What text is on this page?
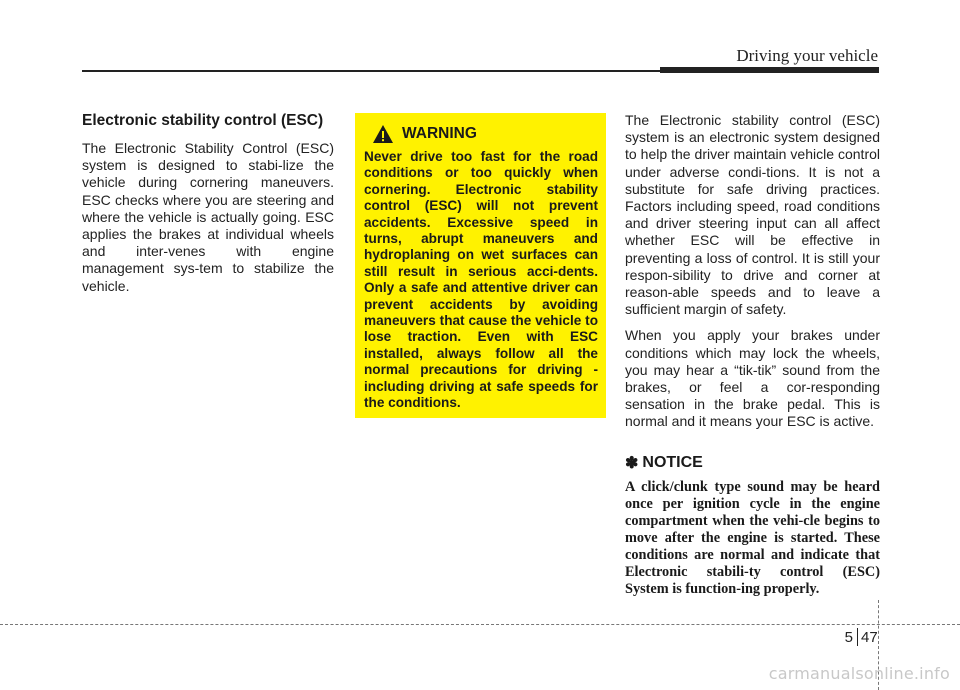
Driving your vehicle
Electronic stability control (ESC)
The Electronic Stability Control (ESC) system is designed to stabi-lize the vehicle during cornering maneuvers. ESC checks where you are steering and where the vehicle is actually going. ESC applies the brakes at individual wheels and inter-venes with engine management sys-tem to stabilize the vehicle.
WARNING
Never drive too fast for the road conditions or too quickly when cornering. Electronic stability control (ESC) will not prevent accidents. Excessive speed in turns, abrupt maneuvers and hydroplaning on wet surfaces can still result in serious acci-dents. Only a safe and attentive driver can prevent accidents by avoiding maneuvers that cause the vehicle to lose traction. Even with ESC installed, always follow all the normal precautions for driving - including driving at safe speeds for the conditions.
The Electronic stability control (ESC) system is an electronic system designed to help the driver maintain vehicle control under adverse condi-tions. It is not a substitute for safe driving practices. Factors including speed, road conditions and driver steering input can all affect whether ESC will be effective in preventing a loss of control. It is still your respon-sibility to drive and corner at reason-able speeds and to leave a sufficient margin of safety.
When you apply your brakes under conditions which may lock the wheels, you may hear a “tik-tik” sound from the brakes, or feel a cor-responding sensation in the brake pedal. This is normal and it means your ESC is active.
✽ NOTICE
A click/clunk type sound may be heard once per ignition cycle in the engine compartment when the vehi-cle begins to move after the engine is started. These conditions are normal and indicate that Electronic stabili-ty control (ESC) System is function-ing properly.
5 47
carmanualsonline.info
